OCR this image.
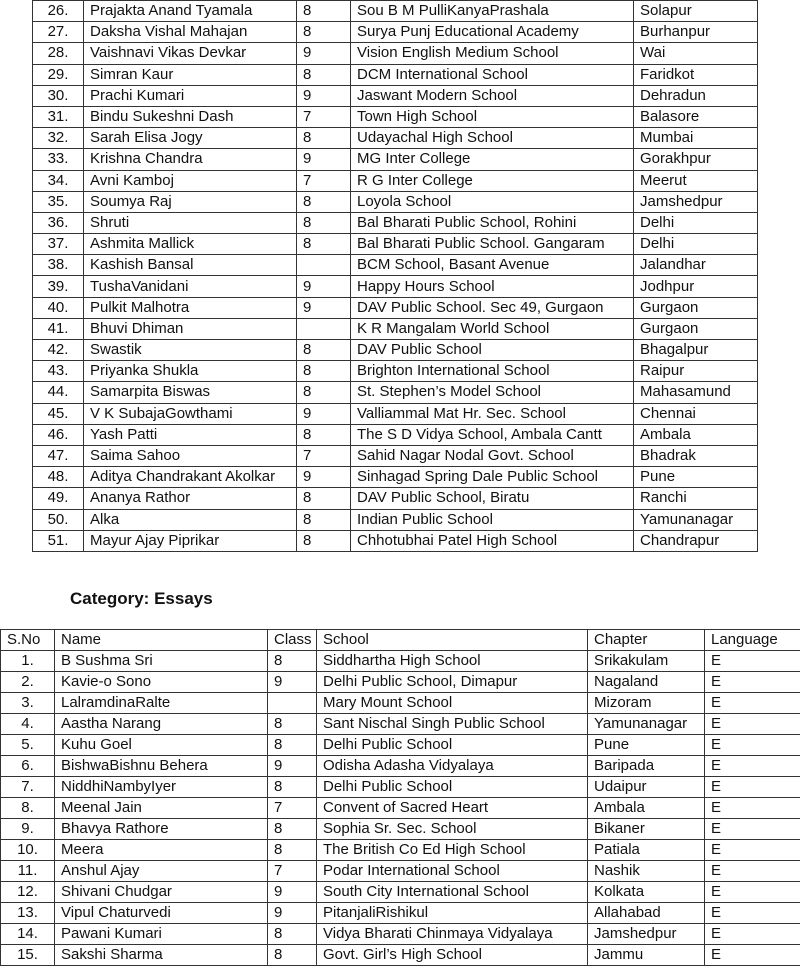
26.	Prajakta Anand Tyamala	8	Sou B M PulliKanyaPrashala	Solapur
27.	Daksha Vishal Mahajan	8	Surya Punj Educational Academy	Burhanpur
28.	Vaishnavi Vikas Devkar	9	Vision English Medium School	Wai
29.	Simran Kaur	8	DCM International School	Faridkot
30.	Prachi Kumari	9	Jaswant Modern School	Dehradun
31.	Bindu Sukeshni Dash	7	Town High School	Balasore
32.	Sarah Elisa Jogy	8	Udayachal High School	Mumbai
33.	Krishna Chandra	9	MG Inter College	Gorakhpur
34.	Avni Kamboj	7	R G Inter College	Meerut
35.	Soumya Raj	8	Loyola School	Jamshedpur
36.	Shruti	8	Bal Bharati Public School, Rohini	Delhi
37.	Ashmita Mallick	8	Bal Bharati Public School. Gangaram	Delhi
38.	Kashish Bansal		BCM School, Basant Avenue	Jalandhar
39.	TushaVanidani	9	Happy Hours School	Jodhpur
40.	Pulkit Malhotra	9	DAV Public School. Sec 49, Gurgaon	Gurgaon
41.	Bhuvi Dhiman		K R Mangalam World School	Gurgaon
42.	Swastik	8	DAV Public School	Bhagalpur
43.	Priyanka Shukla	8	Brighton International School	Raipur
44.	Samarpita Biswas	8	St. Stephen’s Model School	Mahasamund
45.	V K SubajaGowthami	9	Valliammal Mat Hr. Sec. School	Chennai
46.	Yash Patti	8	The S D Vidya School, Ambala Cantt	Ambala
47.	Saima Sahoo	7	Sahid Nagar Nodal Govt. School	Bhadrak
48.	Aditya Chandrakant Akolkar	9	Sinhagad Spring Dale Public School	Pune
49.	Ananya Rathor	8	DAV Public School, Biratu	Ranchi
50.	Alka	8	Indian Public School	Yamunanagar
51.	Mayur Ajay Piprikar	8	Chhotubhai Patel High School	Chandrapur
Category: Essays
S.No	Name	Class	School	Chapter	Language
1.	B Sushma Sri	8	Siddhartha High School	Srikakulam	E
2.	Kavie-o Sono	9	Delhi Public School, Dimapur	Nagaland	E
3.	LalramdinaRalte		Mary Mount School	Mizoram	E
4.	Aastha Narang	8	Sant Nischal Singh Public School	Yamunanagar	E
5.	Kuhu Goel	8	Delhi Public School	Pune	E
6.	BishwaBishnu Behera	9	Odisha Adasha Vidyalaya	Baripada	E
7.	NiddhiNambyIyer	8	Delhi Public School	Udaipur	E
8.	Meenal Jain	7	Convent of Sacred Heart	Ambala	E
9.	Bhavya Rathore	8	Sophia Sr. Sec. School	Bikaner	E
10.	Meera	8	The British Co Ed High School	Patiala	E
11.	Anshul Ajay	7	Podar International School	Nashik	E
12.	Shivani Chudgar	9	South City International School	Kolkata	E
13.	Vipul Chaturvedi	9	PitanjaliRishikul	Allahabad	E
14.	Pawani Kumari	8	Vidya Bharati Chinmaya Vidyalaya	Jamshedpur	E
15.	Sakshi Sharma	8	Govt. Girl’s High School	Jammu	E
